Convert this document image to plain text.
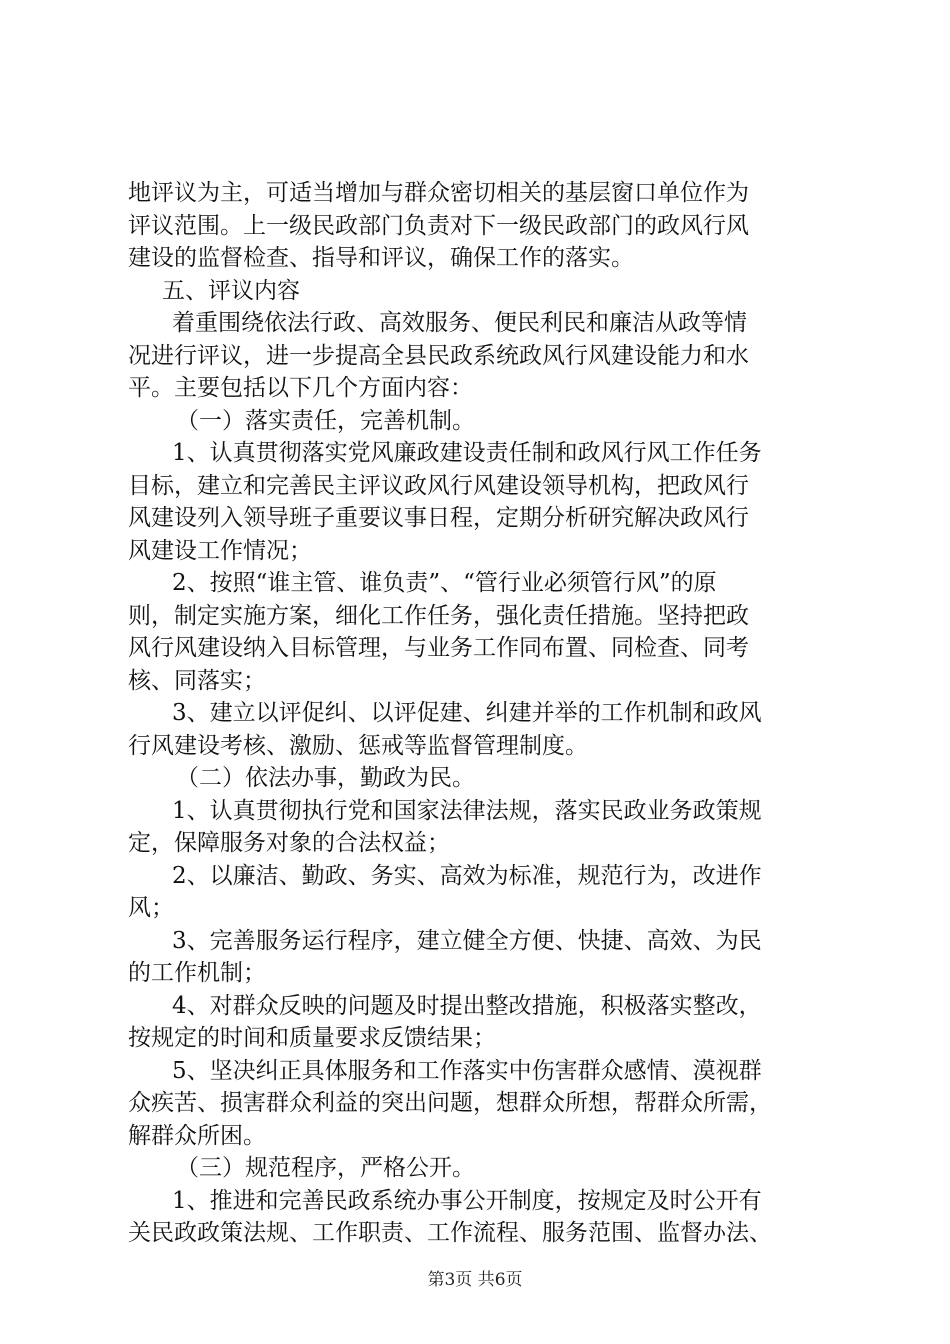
地评议为主，可适当增加与群众密切相关的基层窗口单位作为
评议范围。上一级民政部门负责对下一级民政部门的政风行风
建设的监督检查、指导和评议，确保工作的落实。
五、评议内容
着重围绕依法行政、高效服务、便民利民和廉洁从政等情
况进行评议，进一步提高全县民政系统政风行风建设能力和水
平。主要包括以下几个方面内容：
（一）落实责任，完善机制。
1、认真贯彻落实党风廉政建设责任制和政风行风工作任务
目标，建立和完善民主评议政风行风建设领导机构，把政风行
风建设列入领导班子重要议事日程，定期分析研究解决政风行
风建设工作情况；
2、按照“谁主管、谁负责”、“管行业必须管行风”的原
则，制定实施方案，细化工作任务，强化责任措施。坚持把政
风行风建设纳入目标管理，与业务工作同布置、同检查、同考
核、同落实；
3、建立以评促纠、以评促建、纠建并举的工作机制和政风
行风建设考核、激励、惩戒等监督管理制度。
（二）依法办事，勤政为民。
1、认真贯彻执行党和国家法律法规，落实民政业务政策规
定，保障服务对象的合法权益；
2、以廉洁、勤政、务实、高效为标准，规范行为，改进作
风；
3、完善服务运行程序，建立健全方便、快捷、高效、为民
的工作机制；
4、对群众反映的问题及时提出整改措施，积极落实整改，
按规定的时间和质量要求反馈结果；
5、坚决纠正具体服务和工作落实中伤害群众感情、漠视群
众疾苦、损害群众利益的突出问题，想群众所想，帮群众所需，
解群众所困。
（三）规范程序，严格公开。
1、推进和完善民政系统办事公开制度，按规定及时公开有
关民政政策法规、工作职责、工作流程、服务范围、监督办法、
第3页 共6页
